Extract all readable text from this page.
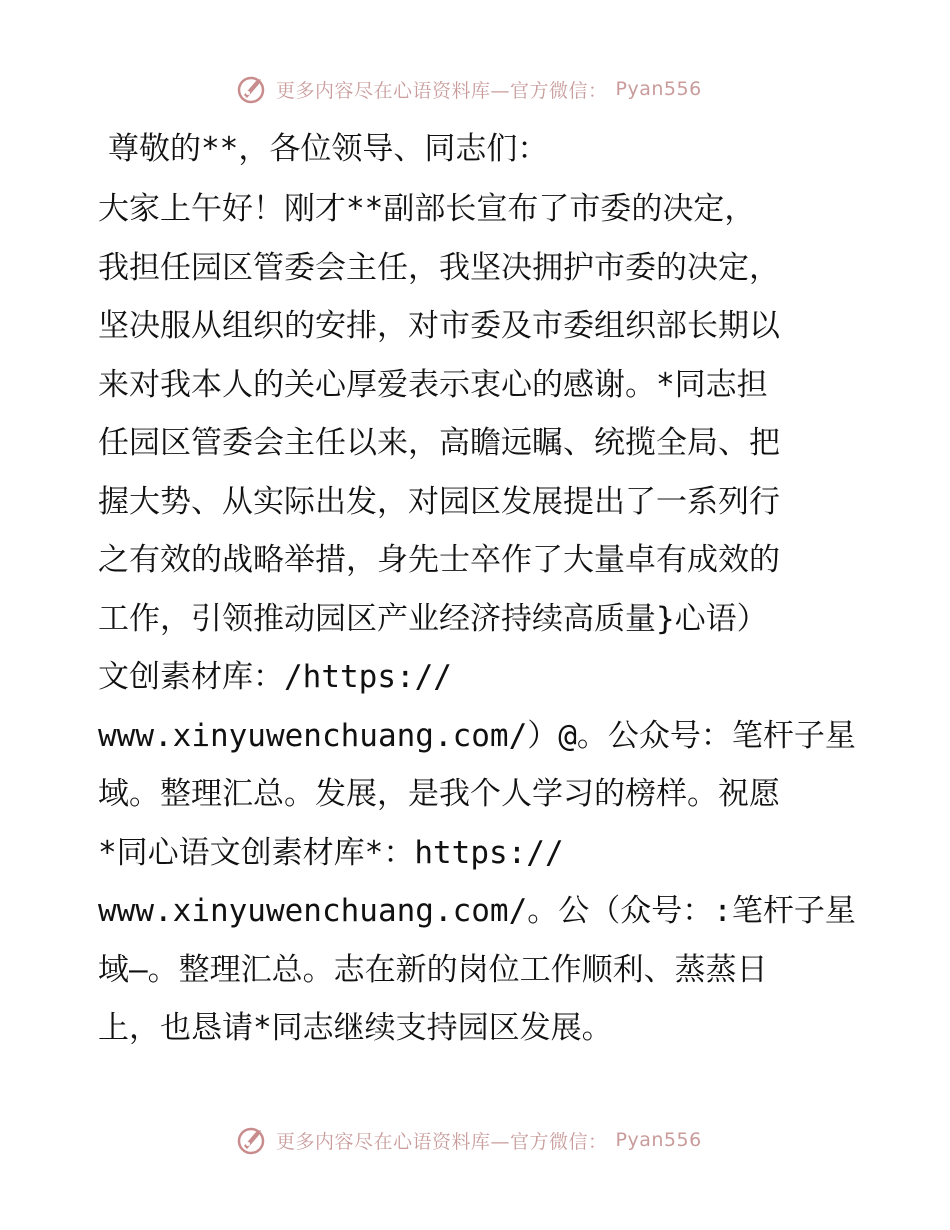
更多内容尽在心语资料库—官方微信： Pyan556
尊敬的**，各位领导、同志们：
大家上午好！刚才**副部长宣布了市委的决定，
我担任园区管委会主任，我坚决拥护市委的决定，
坚决服从组织的安排，对市委及市委组织部长期以
来对我本人的关心厚爱表示衷心的感谢。*同志担
任园区管委会主任以来，高瞻远瞩、统揽全局、把
握大势、从实际出发，对园区发展提出了一系列行
之有效的战略举措，身先士卒作了大量卓有成效的
工作，引领推动园区产业经济持续高质量}心语）
文创素材库：/https://
www.xinyuwenchuang.com/）@。公众号：笔杆子星
域。整理汇总。发展，是我个人学习的榜样。祝愿
*同心语文创素材库*：https://
www.xinyuwenchuang.com/。公（众号：:笔杆子星
域—。整理汇总。志在新的岗位工作顺利、蒸蒸日
上，也恳请*同志继续支持园区发展。
更多内容尽在心语资料库—官方微信： Pyan556
